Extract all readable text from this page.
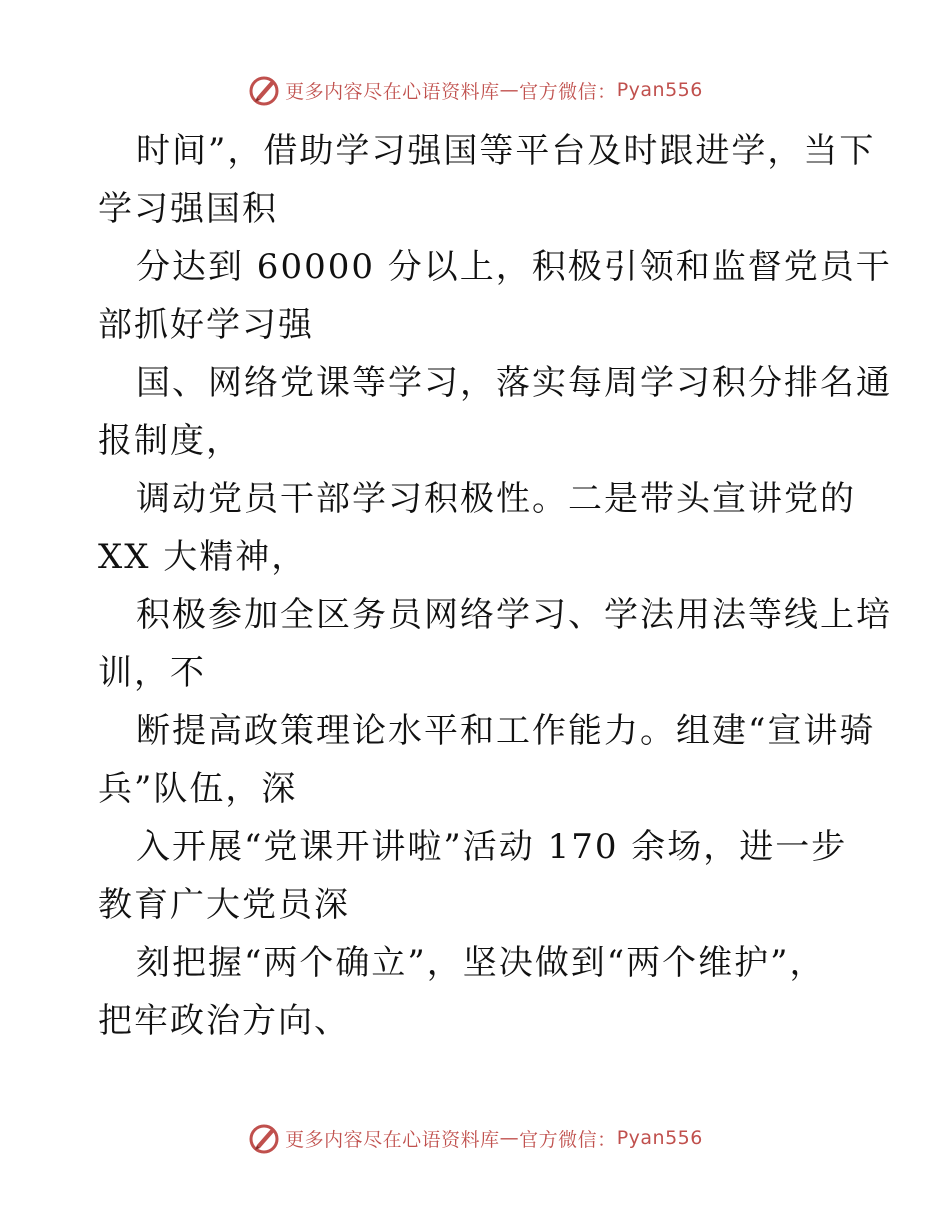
更多内容尽在心语资料库 — 官方微信： Pyan556
时间”，借助学习强国等平台及时跟进学，当下
学习强国积
分达到 60000 分以上，积极引领和监督党员干
部抓好学习强
国、网络党课等学习，落实每周学习积分排名通
报制度，
调动党员干部学习积极性。二是带头宣讲党的
XX 大精神，
积极参加全区务员网络学习、学法用法等线上培
训，不
断提高政策理论水平和工作能力。组建“宣讲骑
兵”队伍，深
入开展“党课开讲啦”活动 170 余场，进一步
教育广大党员深
刻把握“两个确立”，坚决做到“两个维护”，
把牢政治方向、
更多内容尽在心语资料库 — 官方微信： Pyan556
